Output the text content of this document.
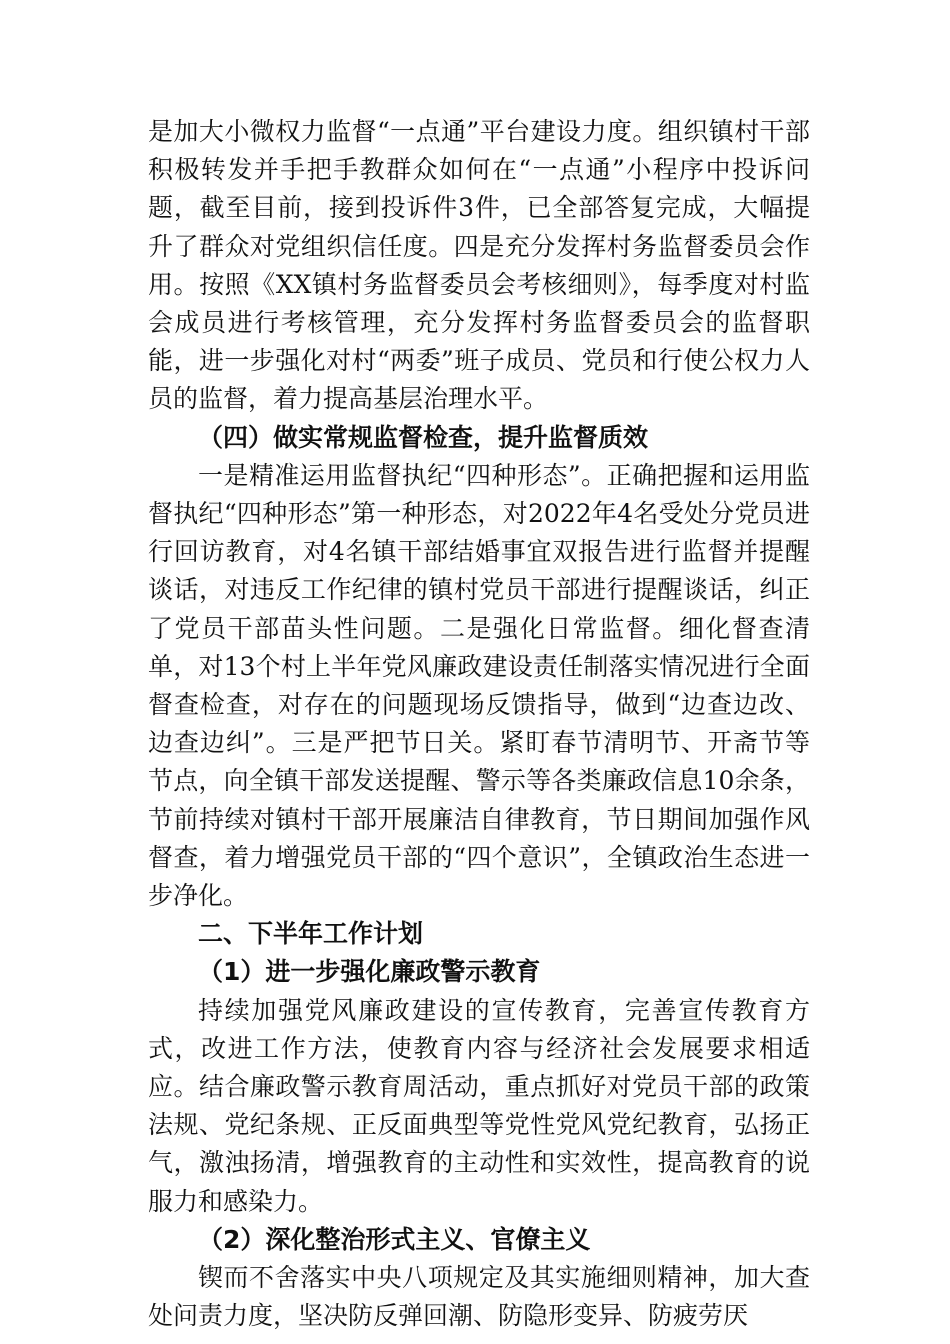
是加大小微权力监督“一点通”平台建设力度。组织镇村干部积极转发并手把手教群众如何在“一点通”小程序中投诉问题，截至目前，接到投诉件3件，已全部答复完成，大幅提升了群众对党组织信任度。四是充分发挥村务监督委员会作用。按照《XX镇村务监督委员会考核细则》，每季度对村监会成员进行考核管理，充分发挥村务监督委员会的监督职能，进一步强化对村“两委”班子成员、党员和行使公权力人员的监督，着力提高基层治理水平。

（四）做实常规监督检查，提升监督质效

一是精准运用监督执纪“四种形态”。正确把握和运用监督执纪“四种形态”第一种形态，对2022年4名受处分党员进行回访教育，对4名镇干部结婚事宜双报告进行监督并提醒谈话，对违反工作纪律的镇村党员干部进行提醒谈话，纠正了党员干部苗头性问题。二是强化日常监督。细化督查清单，对13个村上半年党风廉政建设责任制落实情况进行全面督查检查，对存在的问题现场反馈指导，做到“边查边改、边查边纠”。三是严把节日关。紧盯春节清明节、开斋节等节点，向全镇干部发送提醒、警示等各类廉政信息10余条，节前持续对镇村干部开展廉洁自律教育，节日期间加强作风督查，着力增强党员干部的“四个意识”，全镇政治生态进一步净化。

二、下半年工作计划

（1）进一步强化廉政警示教育

持续加强党风廉政建设的宣传教育，完善宣传教育方式，改进工作方法，使教育内容与经济社会发展要求相适应。结合廉政警示教育周活动，重点抓好对党员干部的政策法规、党纪条规、正反面典型等党性党风党纪教育，弘扬正气，激浊扬清，增强教育的主动性和实效性，提高教育的说服力和感染力。

（2）深化整治形式主义、官僚主义

锲而不舍落实中央八项规定及其实施细则精神，加大查处问责力度，坚决防反弹回潮、防隐形变异、防疲劳厌
